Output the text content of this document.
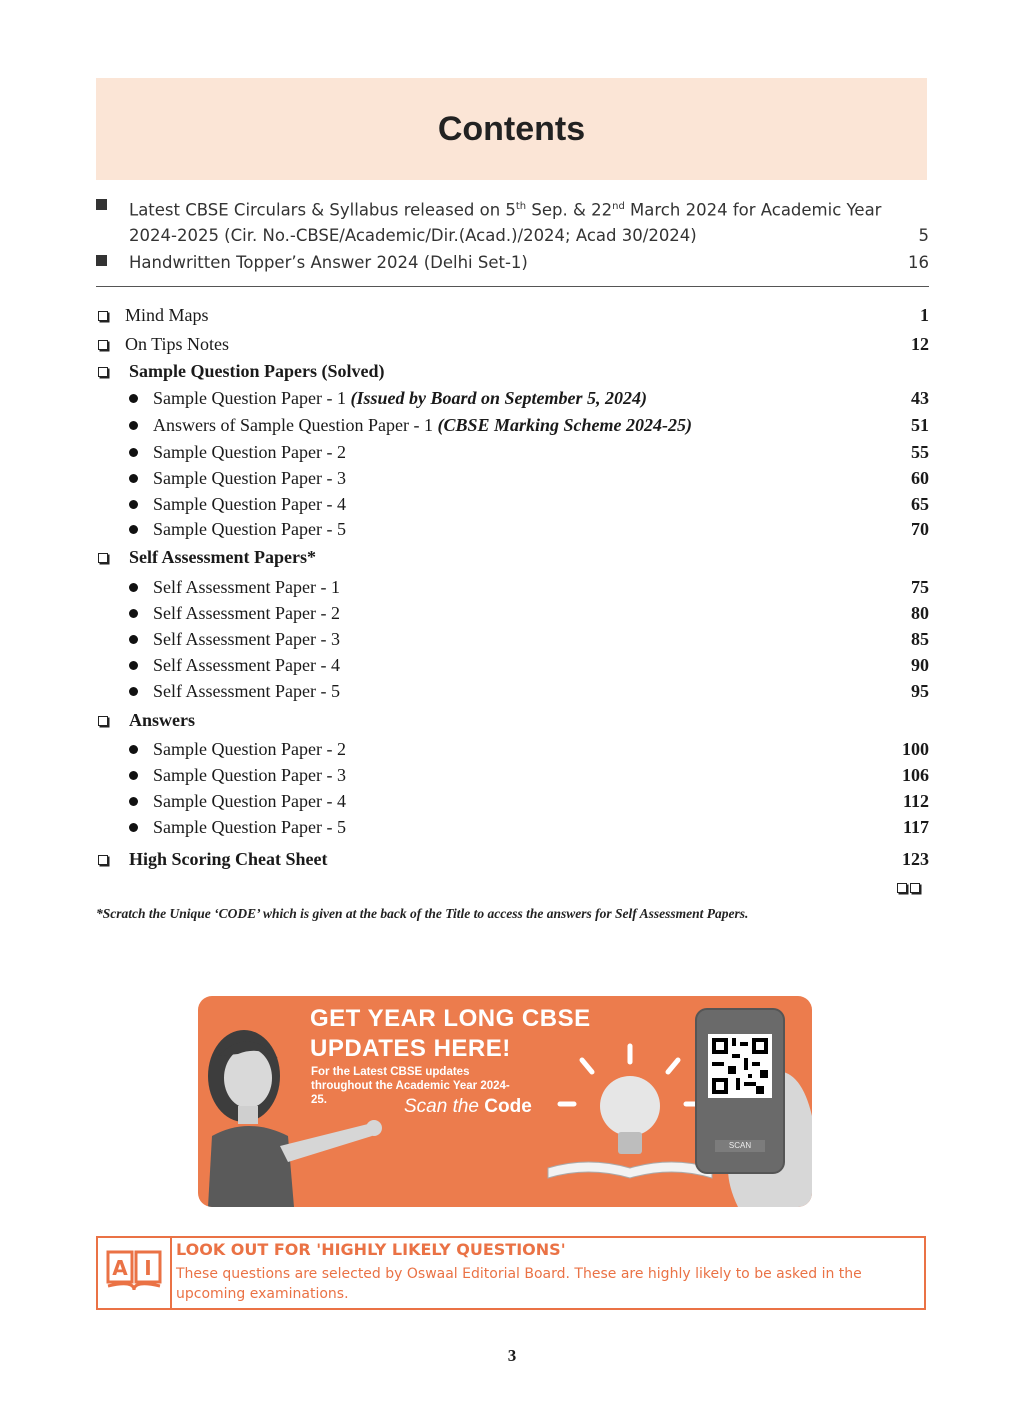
Contents
Latest CBSE Circulars & Syllabus released on 5th Sep. & 22nd March 2024 for Academic Year 2024-2025 (Cir. No.-CBSE/Academic/Dir.(Acad.)/2024; Acad 30/2024)	5
Handwritten Topper’s Answer 2024 (Delhi Set-1)	16
Mind Maps	1
On Tips Notes	12
Sample Question Papers (Solved)
Sample Question Paper - 1 (Issued by Board on September 5, 2024)	43
Answers of Sample Question Paper - 1 (CBSE Marking Scheme 2024-25)	51
Sample Question Paper - 2	55
Sample Question Paper - 3	60
Sample Question Paper - 4	65
Sample Question Paper - 5	70
Self Assessment Papers*
Self Assessment Paper - 1	75
Self Assessment Paper - 2	80
Self Assessment Paper - 3	85
Self Assessment Paper - 4	90
Self Assessment Paper - 5	95
Answers
Sample Question Paper - 2	100
Sample Question Paper - 3	106
Sample Question Paper - 4	112
Sample Question Paper - 5	117
High Scoring Cheat Sheet	123
*Scratch the Unique ‘CODE’ which is given at the back of the Title to access the answers for Self Assessment Papers.
GET YEAR LONG CBSE
UPDATES HERE!
For the Latest CBSE updates throughout the Academic Year 2024-25.	Scan the Code
SCAN
A I
LOOK OUT FOR 'HIGHLY LIKELY QUESTIONS'
These questions are selected by Oswaal Editorial Board. These are highly likely to be asked in the upcoming examinations.
3
